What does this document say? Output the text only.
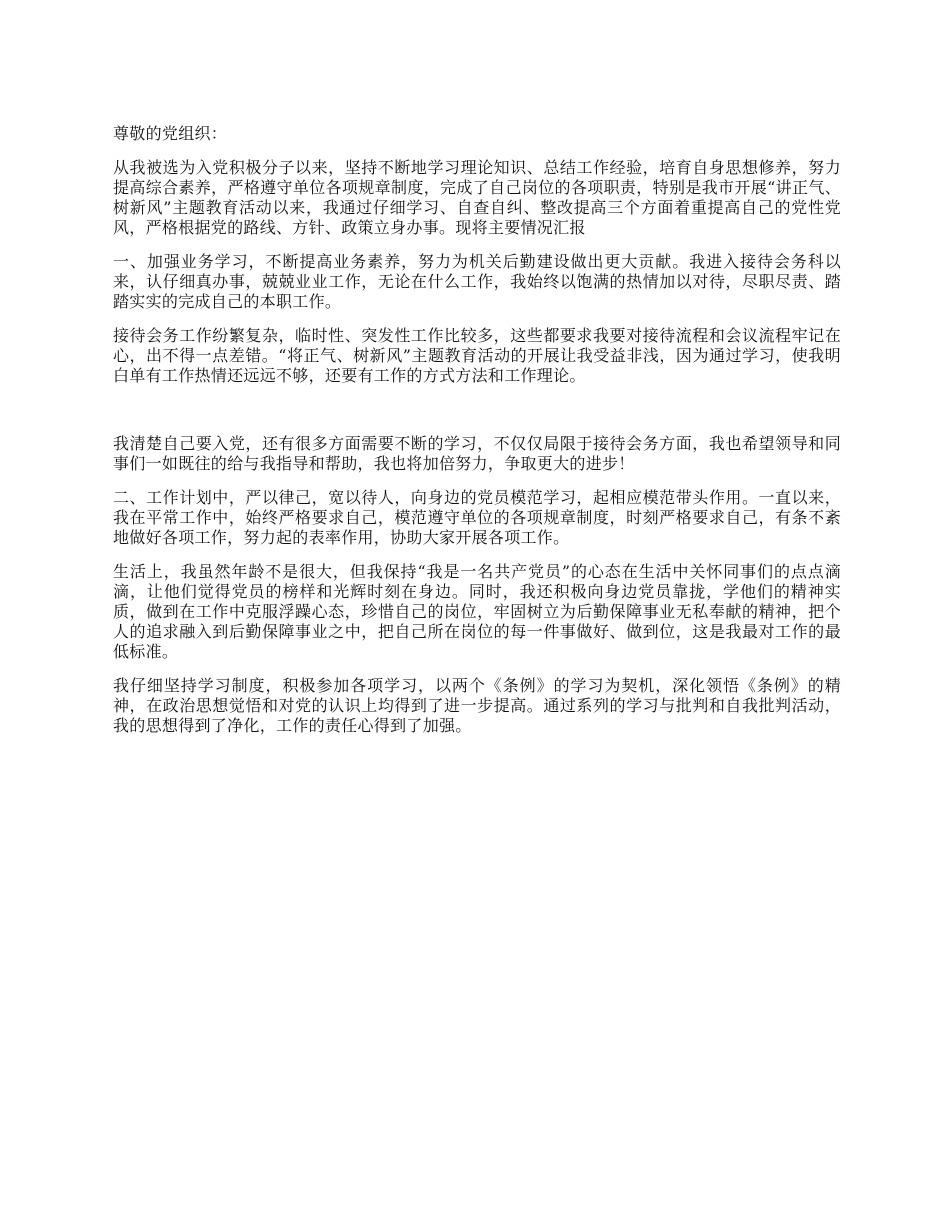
尊敬的党组织：

从我被选为入党积极分子以来，坚持不断地学习理论知识、总结工作经验，培育自身思想修养，努力提高综合素养，严格遵守单位各项规章制度，完成了自己岗位的各项职责，特别是我市开展“讲正气、树新风”主题教育活动以来，我通过仔细学习、自查自纠、整改提高三个方面着重提高自己的党性党风，严格根据党的路线、方针、政策立身办事。现将主要情况汇报

一、加强业务学习，不断提高业务素养，努力为机关后勤建设做出更大贡献。我进入接待会务科以来，认仔细真办事，兢兢业业工作，无论在什么工作，我始终以饱满的热情加以对待，尽职尽责、踏踏实实的完成自己的本职工作。

接待会务工作纷繁复杂，临时性、突发性工作比较多，这些都要求我要对接待流程和会议流程牢记在心，出不得一点差错。“将正气、树新风”主题教育活动的开展让我受益非浅，因为通过学习，使我明白单有工作热情还远远不够，还要有工作的方式方法和工作理论。

我清楚自己要入党，还有很多方面需要不断的学习，不仅仅局限于接待会务方面，我也希望领导和同事们一如既往的给与我指导和帮助，我也将加倍努力，争取更大的进步！

二、工作计划中，严以律己，宽以待人，向身边的党员模范学习，起相应模范带头作用。一直以来，我在平常工作中，始终严格要求自己，模范遵守单位的各项规章制度，时刻严格要求自己，有条不紊地做好各项工作，努力起的表率作用，协助大家开展各项工作。

生活上，我虽然年龄不是很大，但我保持“我是一名共产党员”的心态在生活中关怀同事们的点点滴滴，让他们觉得党员的榜样和光辉时刻在身边。同时，我还积极向身边党员靠拢，学他们的精神实质，做到在工作中克服浮躁心态，珍惜自己的岗位，牢固树立为后勤保障事业无私奉献的精神，把个人的追求融入到后勤保障事业之中，把自己所在岗位的每一件事做好、做到位，这是我最对工作的最低标准。

我仔细坚持学习制度，积极参加各项学习，以两个《条例》的学习为契机，深化领悟《条例》的精神，在政治思想觉悟和对党的认识上均得到了进一步提高。通过系列的学习与批判和自我批判活动，我的思想得到了净化，工作的责任心得到了加强。
